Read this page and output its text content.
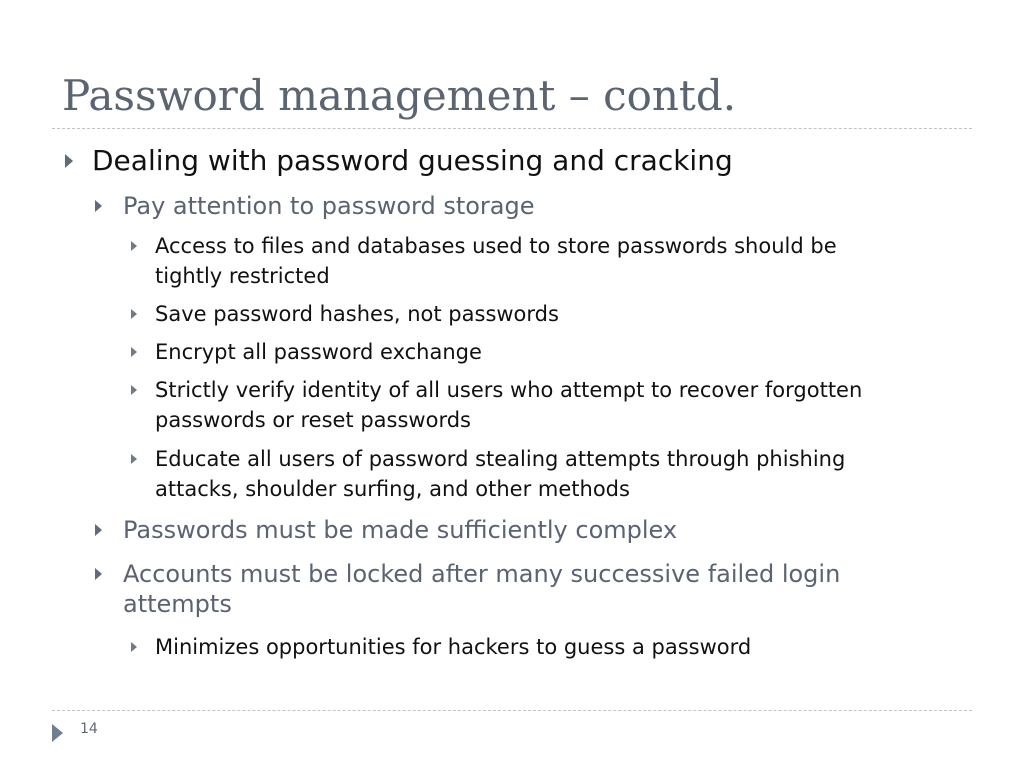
Password management – contd.
Dealing with password guessing and cracking
Pay attention to password storage
Access to files and databases used to store passwords should be
tightly restricted
Save password hashes, not passwords
Encrypt all password exchange
Strictly verify identity of all users who attempt to recover forgotten
passwords or reset passwords
Educate all users of password stealing attempts through phishing
attacks, shoulder surfing, and other methods
Passwords must be made sufficiently complex
Accounts must be locked after many successive failed login
attempts
Minimizes opportunities for hackers to guess a password
14
